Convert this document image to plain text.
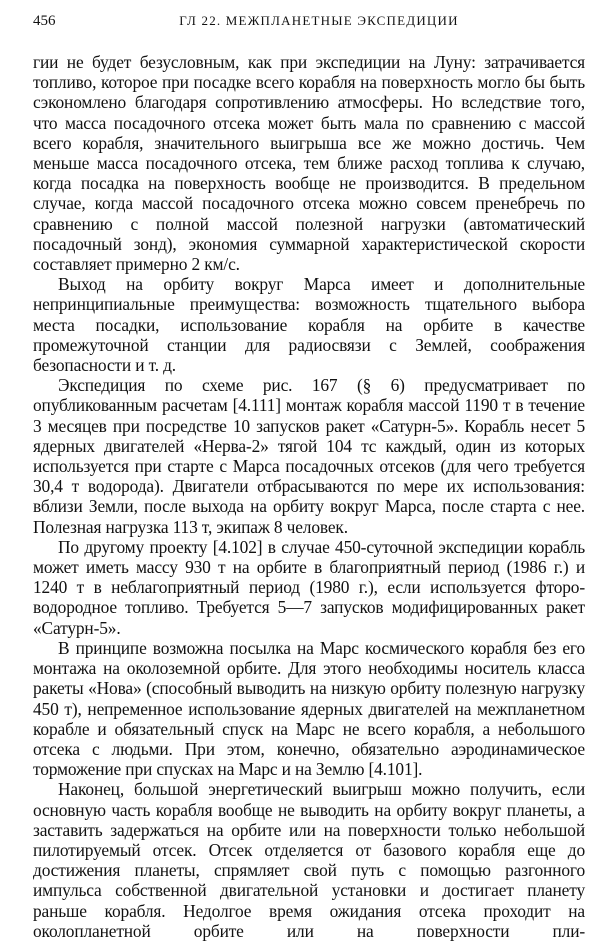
456	ГЛ 22. МЕЖПЛАНЕТНЫЕ ЭКСПЕДИЦИИ

гии не будет безусловным, как при экспедиции на Луну: затрачивается топливо, которое при посадке всего корабля на поверхность могло бы быть сэкономлено благодаря сопротивлению атмосферы. Но вследствие того, что масса посадочного отсека может быть мала по сравнению с массой всего корабля, значительного выигрыша все же можно достичь. Чем меньше масса посадочного отсека, тем ближе расход топлива к случаю, когда посадка на поверхность вообще не производится. В предельном случае, когда массой посадочного отсека можно совсем пренебречь по сравнению с полной массой полезной нагрузки (автоматический посадочный зонд), экономия суммарной характеристической скорости составляет примерно 2 км/с.

Выход на орбиту вокруг Марса имеет и дополнительные непринципиальные преимущества: возможность тщательного выбора места посадки, использование корабля на орбите в качестве промежуточной станции для радиосвязи с Землей, соображения безопасности и т. д.

Экспедиция по схеме рис. 167 (§ 6) предусматривает по опубликованным расчетам [4.111] монтаж корабля массой 1190 т в течение 3 месяцев при посредстве 10 запусков ракет «Сатурн-5». Корабль несет 5 ядерных двигателей «Нерва-2» тягой 104 тс каждый, один из которых используется при старте с Марса посадочных отсеков (для чего требуется 30,4 т водорода). Двигатели отбрасываются по мере их использования: вблизи Земли, после выхода на орбиту вокруг Марса, после старта с нее. Полезная нагрузка 113 т, экипаж 8 человек.

По другому проекту [4.102] в случае 450-суточной экспедиции корабль может иметь массу 930 т на орбите в благоприятный период (1986 г.) и 1240 т в неблагоприятный период (1980 г.), если используется фторо-водородное топливо. Требуется 5—7 запусков модифицированных ракет «Сатурн-5».

В принципе возможна посылка на Марс космического корабля без его монтажа на околоземной орбите. Для этого необходимы носитель класса ракеты «Нова» (способный выводить на низкую орбиту полезную нагрузку 450 т), непременное использование ядерных двигателей на межпланетном корабле и обязательный спуск на Марс не всего корабля, а небольшого отсека с людьми. При этом, конечно, обязательно аэродинамическое торможение при спусках на Марс и на Землю [4.101].

Наконец, большой энергетический выигрыш можно получить, если основную часть корабля вообще не выводить на орбиту вокруг планеты, а заставить задержаться на орбите или на поверхности только небольшой пилотируемый отсек. Отсек отделяется от базового корабля еще до достижения планеты, спрямляет свой путь с помощью разгонного импульса собственной двигательной установки и достигает планету раньше корабля. Недолгое время ожидания отсека проходит на околопланетной орбите или на поверхности пли-
